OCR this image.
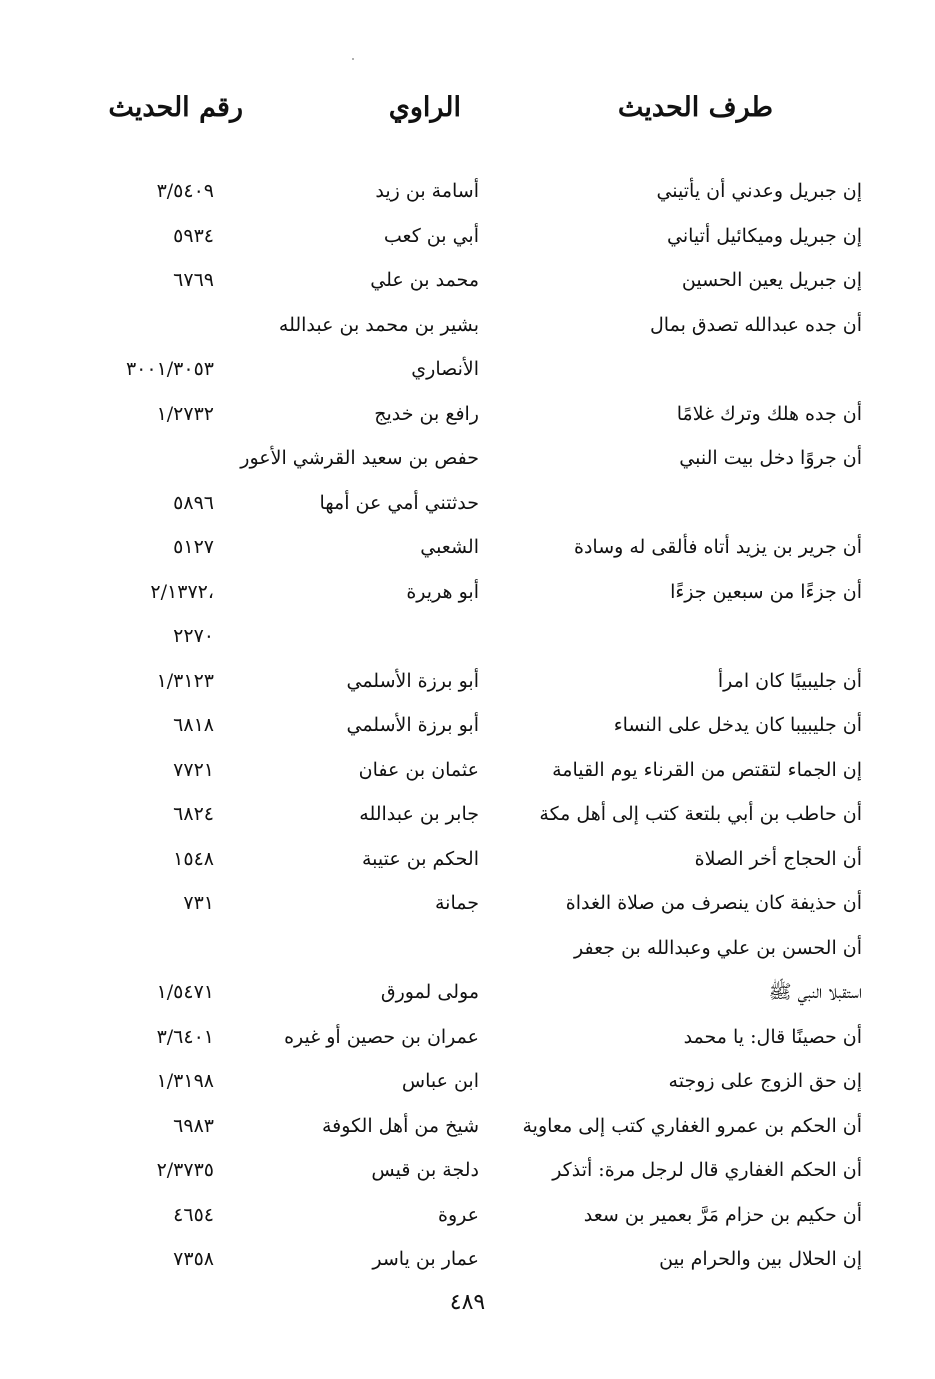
طرف الحديث
الراوي
رقم الحديث
إن جبريل وعدني أن يأتيني
أسامة بن زيد
٣/٥٤٠٩
إن جبريل وميكائيل أتياني
أبي بن كعب
٥٩٣٤
إن جبريل يعين الحسين
محمد بن علي
٦٧٦٩
أن جده عبدالله تصدق بمال
بشير بن محمد بن عبدالله
الأنصاري
٣٠٠١/٣٠٥٣
أن جده هلك وترك غلامًا
رافع بن خديج
١/٢٧٣٢
أن جروًا دخل بيت النبي
حفص بن سعيد القرشي الأعور
حدثتني أمي عن أمها
٥٨٩٦
أن جرير بن يزيد أتاه فألقى له وسادة
الشعبي
٥١٢٧
أن جزءًا من سبعين جزءًا
أبو هريرة
٢/١٣٧٢،
٢٢٧٠
أن جليبيبًا كان امرأ
أبو برزة الأسلمي
١/٣١٢٣
أن جليبيبا كان يدخل على النساء
أبو برزة الأسلمي
٦٨١٨
إن الجماء لتقتص من القرناء يوم القيامة
عثمان بن عفان
٧٧٢١
أن حاطب بن أبي بلتعة كتب إلى أهل مكة
جابر بن عبدالله
٦٨٢٤
أن الحجاج أخر الصلاة
الحكم بن عتيبة
١٥٤٨
أن حذيفة كان ينصرف من صلاة الغداة
جمانة
٧٣١
أن الحسن بن علي وعبدالله بن جعفر
استقبلا النبي ﷺ
مولى لمورق
١/٥٤٧١
أن حصينًا قال: يا محمد
عمران بن حصين أو غيره
٣/٦٤٠١
إن حق الزوج على زوجته
ابن عباس
١/٣١٩٨
أن الحكم بن عمرو الغفاري كتب إلى معاوية
شيخ من أهل الكوفة
٦٩٨٣
أن الحكم الغفاري قال لرجل مرة: أتذكر
دلجة بن قيس
٢/٣٧٣٥
أن حكيم بن حزام مَرَّ بعمير بن سعد
عروة
٤٦٥٤
إن الحلال بين والحرام بين
عمار بن ياسر
٧٣٥٨
٤٨٩
